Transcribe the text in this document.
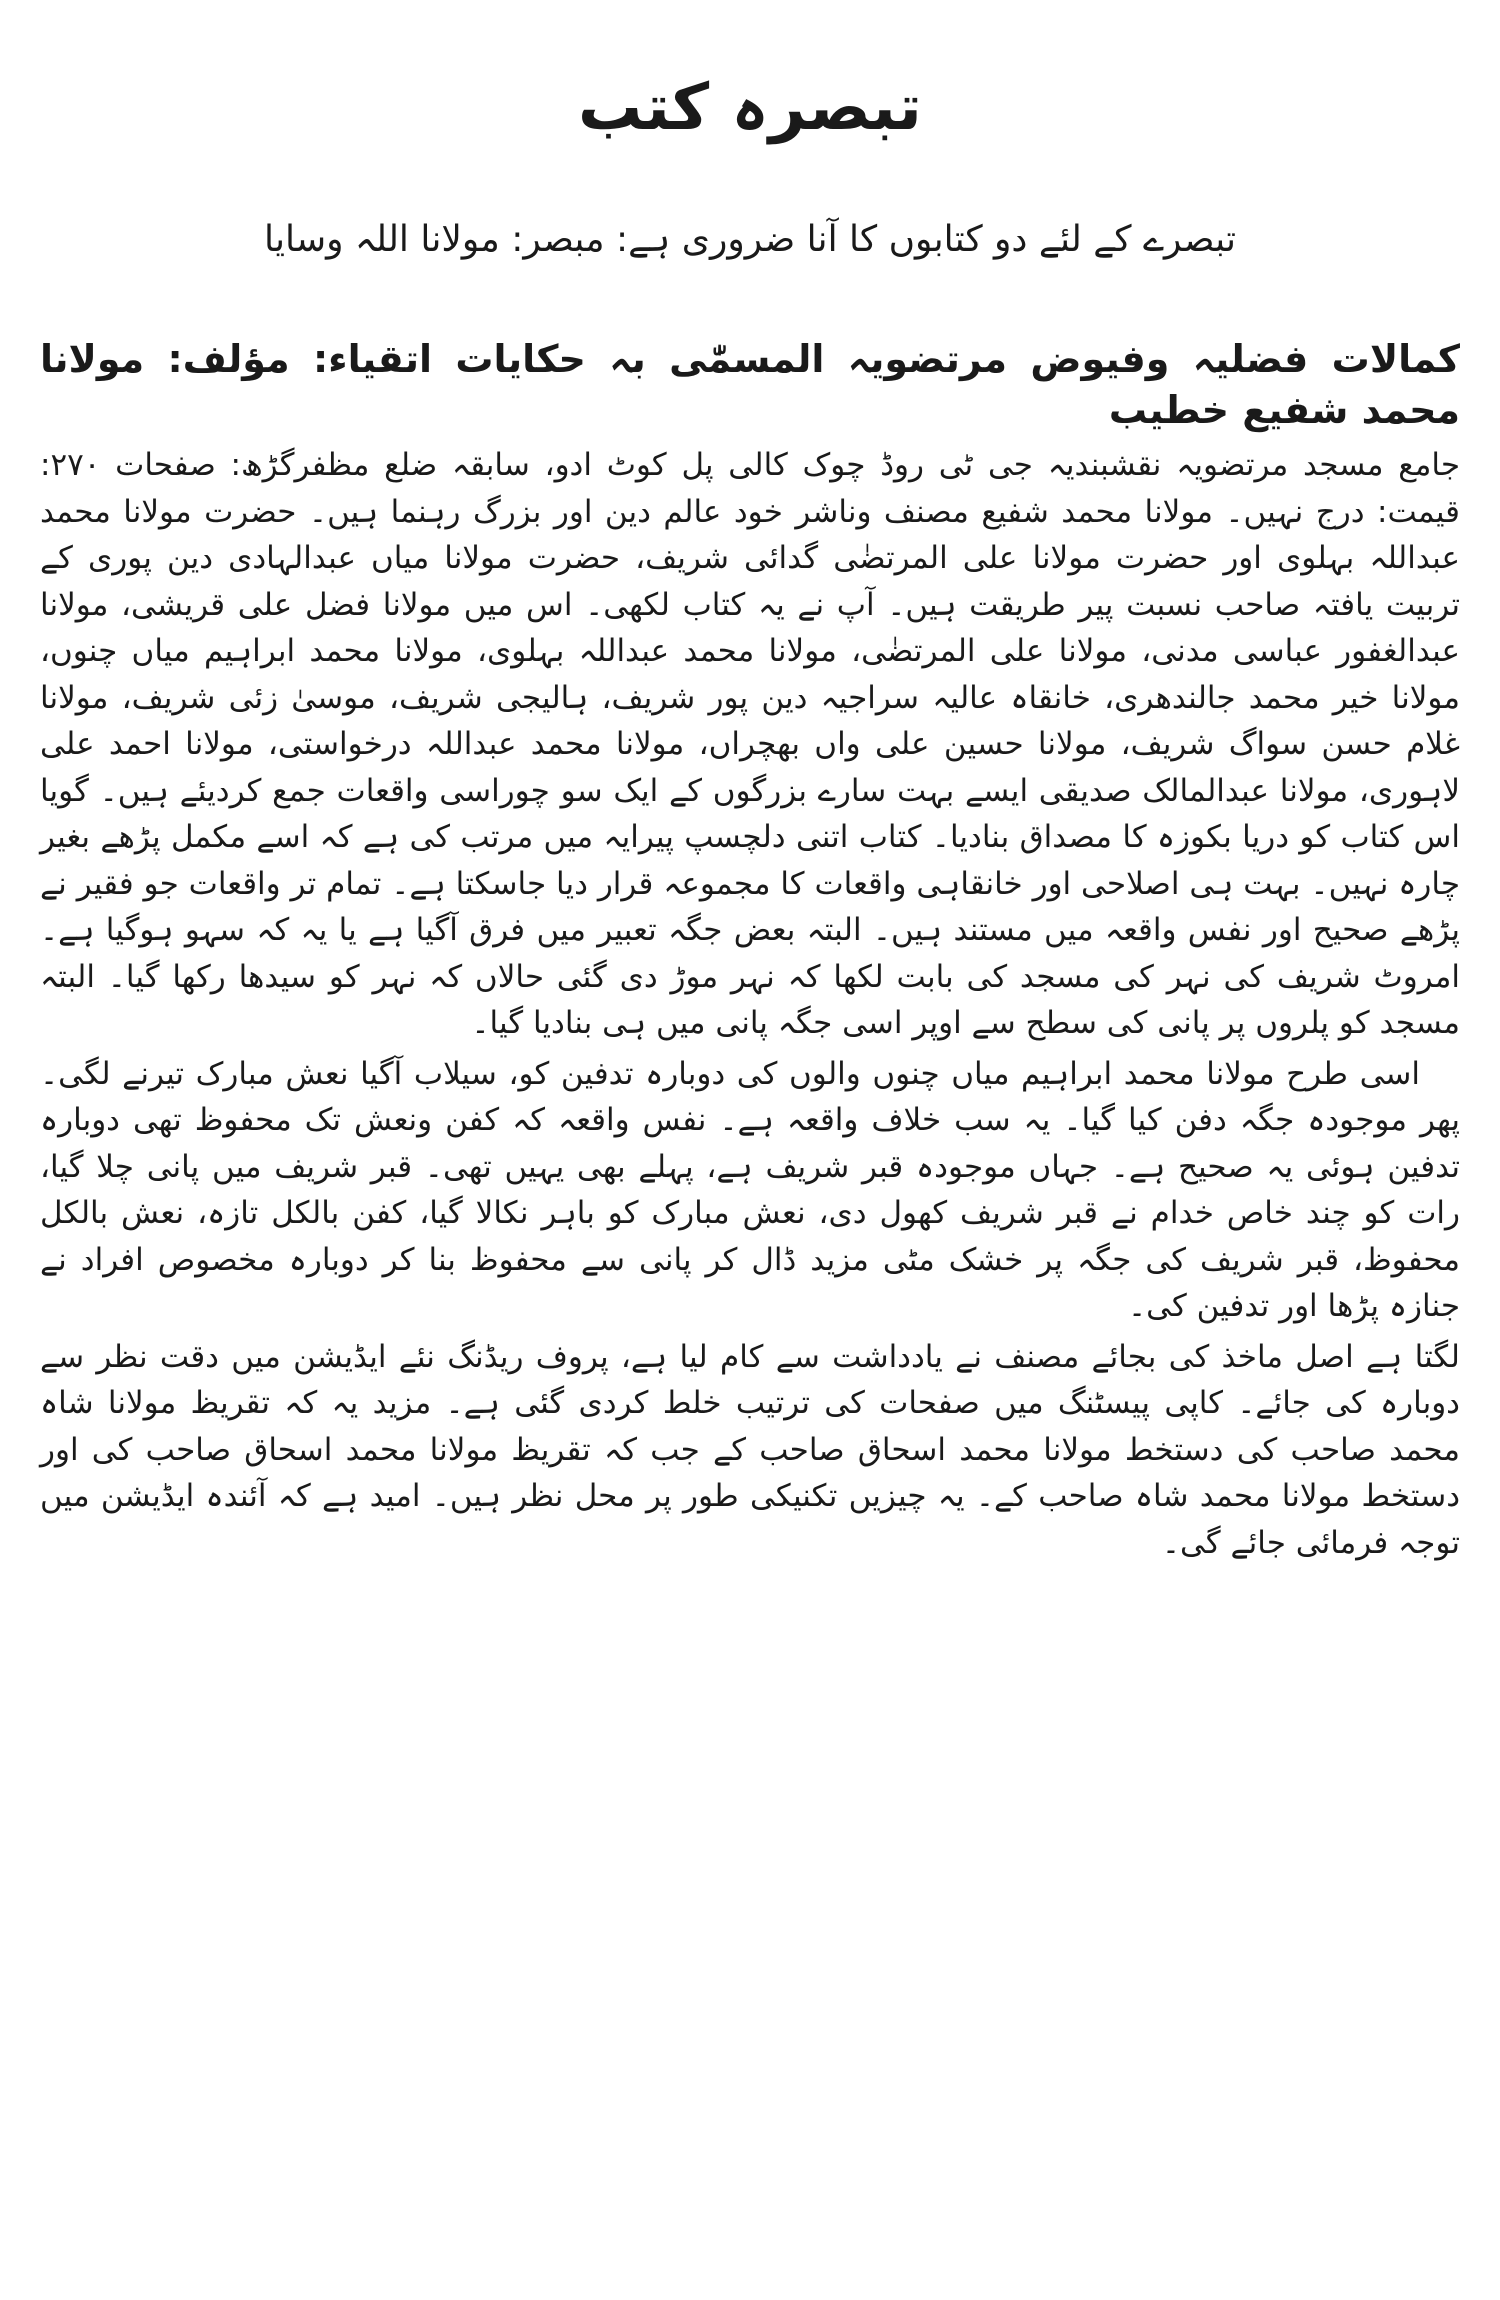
تبصرہ کتب
تبصرے کے لئے دو کتابوں کا آنا ضروری ہے: مبصر: مولانا اللہ وسایا
کمالات فضلیہ وفیوض مرتضویہ المسمّٰی بہ حکایات اتقیاء: مؤلف: مولانا محمد شفیع خطیب

جامع مسجد مرتضویہ نقشبندیہ جی ٹی روڈ چوک کالی پل کوٹ ادو، سابقہ ضلع مظفرگڑھ: صفحات ۲۷۰: قیمت: درج نہیں۔ مولانا محمد شفیع مصنف وناشر خود عالم دین اور بزرگ رہنما ہیں۔ حضرت مولانا محمد عبداللہ بہلوی اور حضرت مولانا علی المرتضٰی گدائی شریف، حضرت مولانا میاں عبدالہادی دین پوری کے تربیت یافتہ صاحب نسبت پیر طریقت ہیں۔ آپ نے یہ کتاب لکھی۔ اس میں مولانا فضل علی قریشی، مولانا عبدالغفور عباسی مدنی، مولانا علی المرتضٰی، مولانا محمد عبداللہ بہلوی، مولانا محمد ابراہیم میاں چنوں، مولانا خیر محمد جالندھری، خانقاہ عالیہ سراجیہ دین پور شریف، ہالیجی شریف، موسیٰ زئی شریف، مولانا غلام حسن سواگ شریف، مولانا حسین علی واں بھچراں، مولانا محمد عبداللہ درخواستی، مولانا احمد علی لاہوری، مولانا عبدالمالک صدیقی ایسے بہت سارے بزرگوں کے ایک سو چوراسی واقعات جمع کردیئے ہیں۔ گویا اس کتاب کو دریا بکوزہ کا مصداق بنادیا۔ کتاب اتنی دلچسپ پیرایہ میں مرتب کی ہے کہ اسے مکمل پڑھے بغیر چارہ نہیں۔ بہت ہی اصلاحی اور خانقاہی واقعات کا مجموعہ قرار دیا جاسکتا ہے۔ تمام تر واقعات جو فقیر نے پڑھے صحیح اور نفس واقعہ میں مستند ہیں۔ البتہ بعض جگہ تعبیر میں فرق آگیا ہے یا یہ کہ سہو ہوگیا ہے۔ امروٹ شریف کی نہر کی مسجد کی بابت لکھا کہ نہر موڑ دی گئی حالاں کہ نہر کو سیدھا رکھا گیا۔ البتہ مسجد کو پلروں پر پانی کی سطح سے اوپر اسی جگہ پانی میں ہی بنادیا گیا۔

اسی طرح مولانا محمد ابراہیم میاں چنوں والوں کی دوبارہ تدفین کو، سیلاب آگیا نعش مبارک تیرنے لگی۔ پھر موجودہ جگہ دفن کیا گیا۔ یہ سب خلاف واقعہ ہے۔ نفس واقعہ کہ کفن ونعش تک محفوظ تھی دوبارہ تدفین ہوئی یہ صحیح ہے۔ جہاں موجودہ قبر شریف ہے، پہلے بھی یہیں تھی۔ قبر شریف میں پانی چلا گیا، رات کو چند خاص خدام نے قبر شریف کھول دی، نعش مبارک کو باہر نکالا گیا، کفن بالکل تازہ، نعش بالکل محفوظ، قبر شریف کی جگہ پر خشک مٹی مزید ڈال کر پانی سے محفوظ بنا کر دوبارہ مخصوص افراد نے جنازہ پڑھا اور تدفین کی۔

لگتا ہے اصل ماخذ کی بجائے مصنف نے یادداشت سے کام لیا ہے، پروف ریڈنگ نئے ایڈیشن میں دقت نظر سے دوبارہ کی جائے۔ کاپی پیسٹنگ میں صفحات کی ترتیب خلط کردی گئی ہے۔ مزید یہ کہ تقریظ مولانا شاہ محمد صاحب کی دستخط مولانا محمد اسحاق صاحب کے جب کہ تقریظ مولانا محمد اسحاق صاحب کی اور دستخط مولانا محمد شاہ صاحب کے۔ یہ چیزیں تکنیکی طور پر محل نظر ہیں۔ امید ہے کہ آئندہ ایڈیشن میں توجہ فرمائی جائے گی۔
